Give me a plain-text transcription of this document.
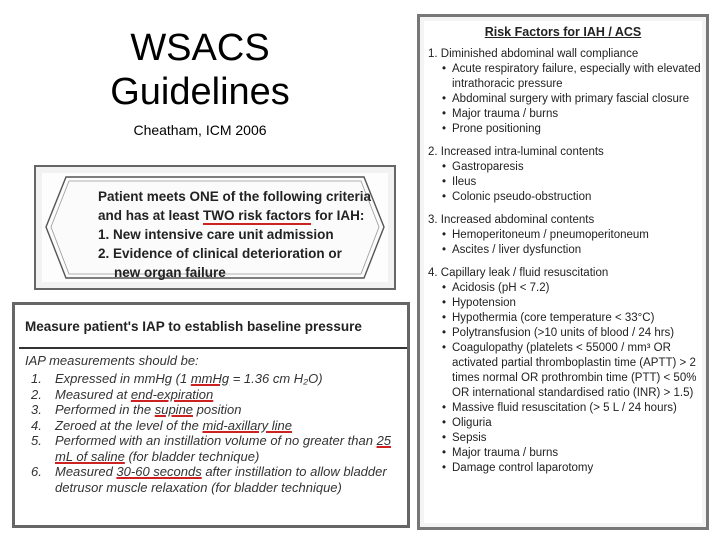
WSACS Guidelines
Cheatham, ICM 2006
Patient meets ONE of the following criteria
and has at least TWO risk factors for IAH:
1. New intensive care unit admission
2. Evidence of clinical deterioration or
new organ failure
Measure patient's IAP to establish baseline pressure
IAP measurements should be:
1.	Expressed in mmHg (1 mmHg = 1.36 cm H₂O)
2.	Measured at end-expiration
3.	Performed in the supine position
4.	Zeroed at the level of the mid-axillary line
5.	Performed with an instillation volume of no greater than 25 mL of saline (for bladder technique)
6.	Measured 30-60 seconds after instillation to allow bladder detrusor muscle relaxation (for bladder technique)
Risk Factors for IAH / ACS
1. Diminished abdominal wall compliance
• Acute respiratory failure, especially with elevated intrathoracic pressure
• Abdominal surgery with primary fascial closure
• Major trauma / burns
• Prone positioning
2. Increased intra-luminal contents
• Gastroparesis
• Ileus
• Colonic pseudo-obstruction
3. Increased abdominal contents
• Hemoperitoneum / pneumoperitoneum
• Ascites / liver dysfunction
4. Capillary leak / fluid resuscitation
• Acidosis (pH < 7.2)
• Hypotension
• Hypothermia (core temperature < 33°C)
• Polytransfusion (>10 units of blood / 24 hrs)
• Coagulopathy (platelets < 55000 / mm³ OR activated partial thromboplastin time (APTT) > 2 times normal OR prothrombin time (PTT) < 50% OR international standardised ratio (INR) > 1.5)
• Massive fluid resuscitation (> 5 L / 24 hours)
• Oliguria
• Sepsis
• Major trauma / burns
• Damage control laparotomy
